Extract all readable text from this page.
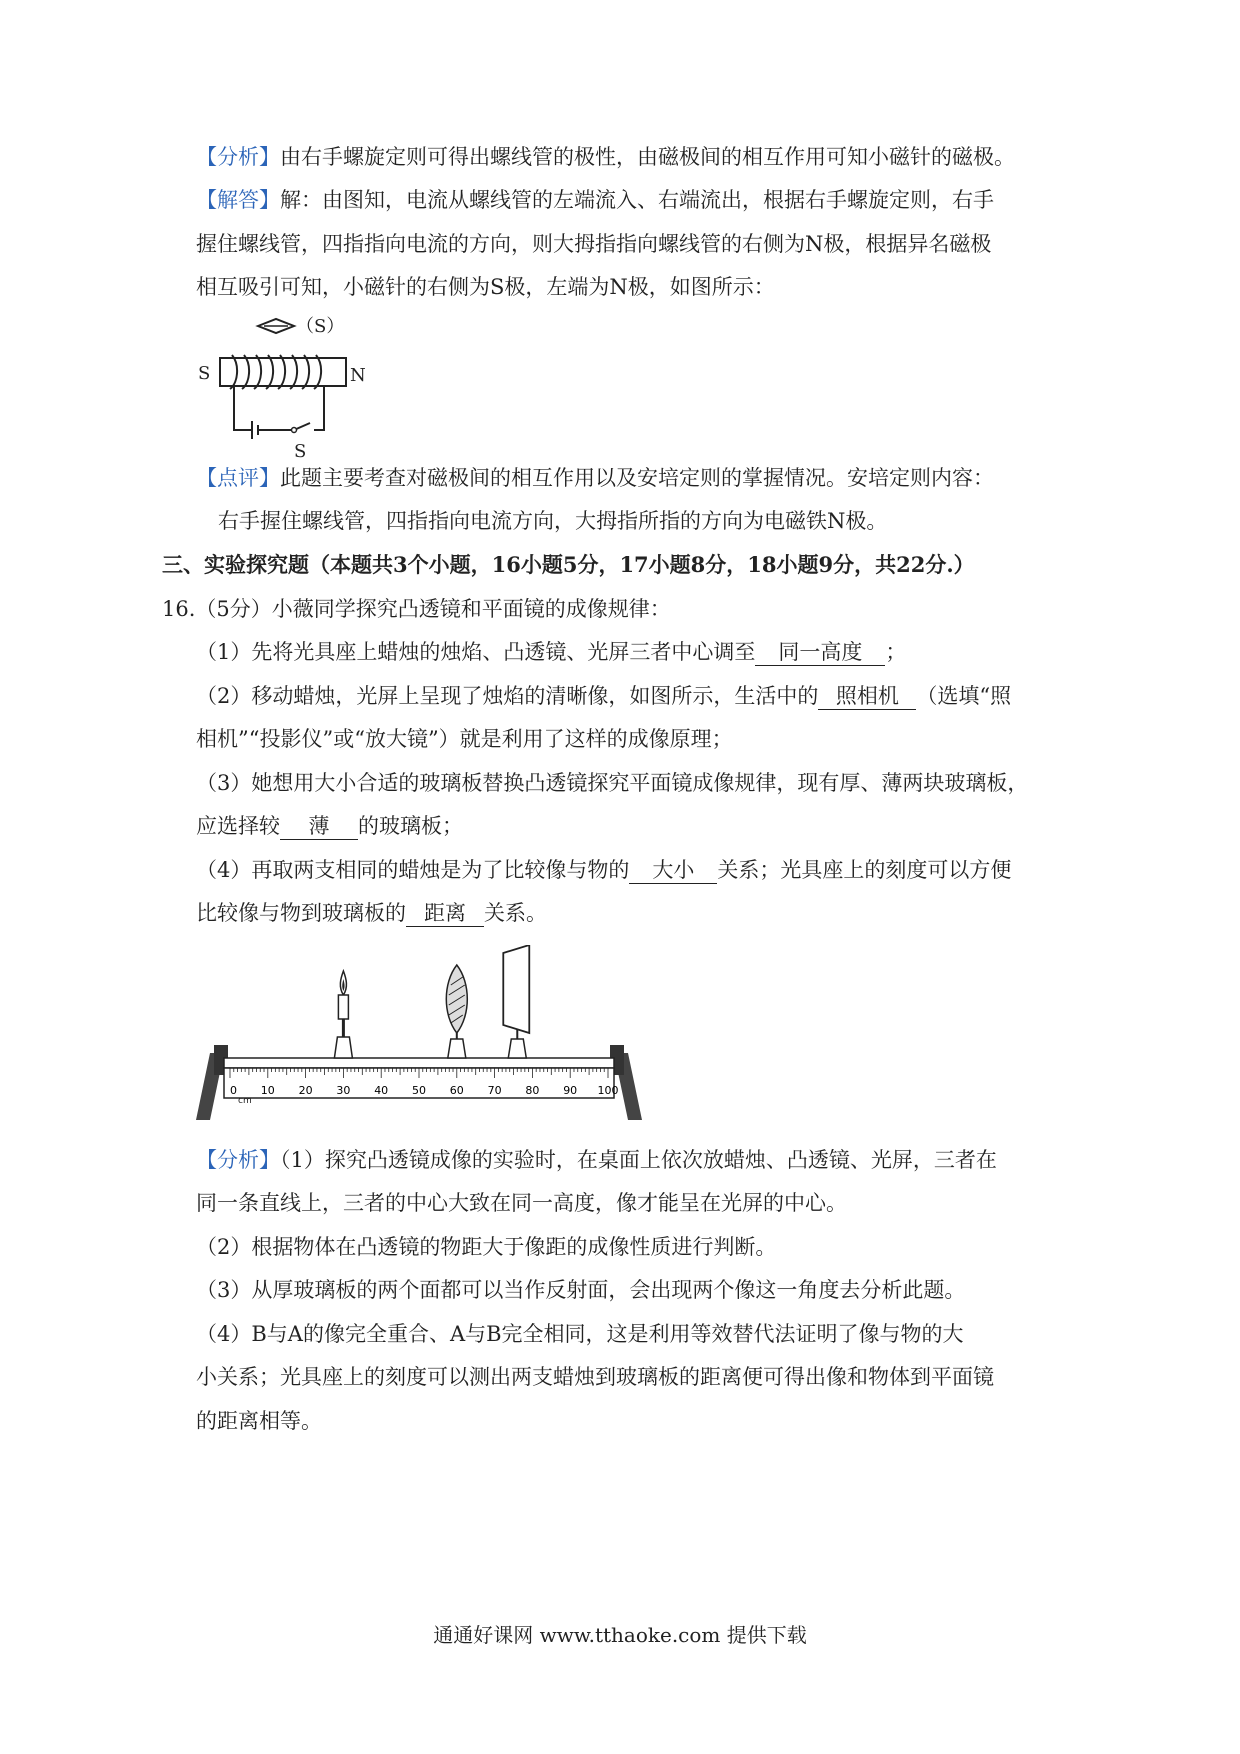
【分析】由右手螺旋定则可得出螺线管的极性，由磁极间的相互作用可知小磁针的磁极。
【解答】解：由图知，电流从螺线管的左端流入、右端流出，根据右手螺旋定则，右手
握住螺线管，四指指向电流的方向，则大拇指指向螺线管的右侧为N极，根据异名磁极
相互吸引可知，小磁针的右侧为S极，左端为N极，如图所示：
（S）
S	N
S
【点评】此题主要考查对磁极间的相互作用以及安培定则的掌握情况。安培定则内容：
右手握住螺线管，四指指向电流方向，大拇指所指的方向为电磁铁N极。
三、实验探究题（本题共3个小题，16小题5分，17小题8分，18小题9分，共22分.）
16.（5分）小薇同学探究凸透镜和平面镜的成像规律：
（1）先将光具座上蜡烛的烛焰、凸透镜、光屏三者中心调至 同一高度 ；
（2）移动蜡烛，光屏上呈现了烛焰的清晰像，如图所示，生活中的 照相机 （选填“照
相机”“投影仪”或“放大镜”）就是利用了这样的成像原理；
（3）她想用大小合适的玻璃板替换凸透镜探究平面镜成像规律，现有厚、薄两块玻璃板，
应选择较 薄 的玻璃板；
（4）再取两支相同的蜡烛是为了比较像与物的 大小 关系；光具座上的刻度可以方便
比较像与物到玻璃板的 距离 关系。
0 10 20 30 40 50 60 70 80 90 100
cm
【分析】（1）探究凸透镜成像的实验时，在桌面上依次放蜡烛、凸透镜、光屏，三者在
同一条直线上，三者的中心大致在同一高度，像才能呈在光屏的中心。
（2）根据物体在凸透镜的物距大于像距的成像性质进行判断。
（3）从厚玻璃板的两个面都可以当作反射面，会出现两个像这一角度去分析此题。
（4）B与A的像完全重合、A与B完全相同，这是利用等效替代法证明了像与物的大
小关系；光具座上的刻度可以测出两支蜡烛到玻璃板的距离便可得出像和物体到平面镜
的距离相等。
通通好课网 www.tthaoke.com 提供下载
